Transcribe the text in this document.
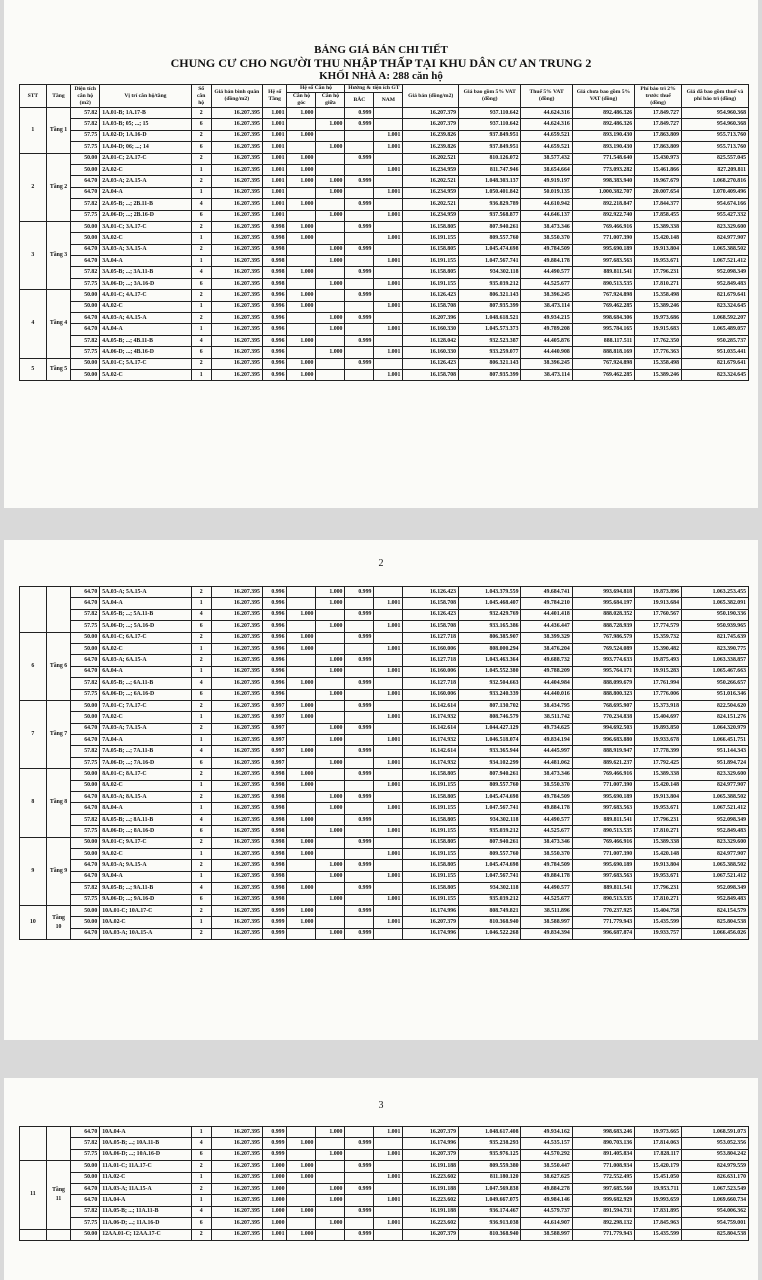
BẢNG GIÁ BÁN CHI TIẾT
CHUNG CƯ CHO NGƯỜI THU NHẬP THẤP TẠI KHU DÂN CƯ AN TRUNG 2
KHỐI NHÀ A: 288 căn hộ
STT	Tầng	Diện tích căn hộ (m2)	Vị trí căn hộ/tầng	Số căn hộ	Giá bán bình quân (đồng/m2)	Hệ số Tầng	Hệ số Căn hộ		Hướng & tiện ích GT		Giá bán (đồng/m2)	Giá bao gồm 5% VAT (đồng)	Thuế 5% VAT (đồng)	Giá chưa bao gồm 5% VAT (đồng)	Phí bảo trì 2% trước thuế (đồng)	Giá đã bao gồm thuế và phí bảo trì (đồng)
							Căn hộ góc	Căn hộ giữa	BẮC	NAM						

1	Tầng 1	57.82	1A.01-B; 1A.17-B	2	16.207.395	1.001	1.000		0.999		16.207.379	937.110.642	44.624.316	892.486.326	17.849.727	954.960.368
		57.82	1A.03-B; 05; ...; 15	6	16.207.395	1.001		1.000	0.999		16.207.379	937.110.642	44.624.316	892.486.326	17.849.727	954.960.368
		57.75	1A.02-D; 1A.16-D	2	16.207.395	1.001	1.000			1.001	16.239.826	937.849.951	44.659.521	893.190.430	17.863.809	955.713.760
		57.75	1A.04-D; 06; ...; 14	6	16.207.395	1.001		1.000		1.001	16.239.826	937.849.951	44.659.521	893.190.430	17.863.809	955.713.760
2	Tầng 2	50.00	2A.01-C; 2A.17-C	2	16.207.395	1.001	1.000		0.999		16.202.521	810.126.072	38.577.432	771.548.640	15.430.973	825.557.045
		50.00	2A.02-C	1	16.207.395	1.001	1.000			1.001	16.234.959	811.747.946	38.654.664	773.093.282	15.461.866	827.209.811
		64.70	2A.03-A; 2A.15-A	2	16.207.395	1.001	1.000	1.000	0.999		16.202.521	1.048.303.137	49.919.197	998.383.940	19.967.679	1.068.270.816
		64.70	2A.04-A	1	16.207.395	1.001		1.000		1.001	16.234.959	1.050.401.842	50.019.135	1.000.382.707	20.007.654	1.070.409.496
		57.82	2A.05-B; ...; 2B.11-B	4	16.207.395	1.001	1.000		0.999		16.202.521	936.829.789	44.610.942	892.218.847	17.844.377	954.674.166
		57.75	2A.06-D; ...; 2B.16-D	6	16.207.395	1.001		1.000		1.001	16.234.959	937.568.877	44.646.137	892.922.740	17.858.455	955.427.332
3	Tầng 3	50.00	3A.01-C; 3A.17-C	2	16.207.395	0.998	1.000		0.999		16.158.805	807.940.261	38.473.346	769.466.916	15.389.338	823.329.600
		50.00	3A.02-C	1	16.207.395	0.998	1.000			1.001	16.191.155	809.557.760	38.550.370	771.007.390	15.420.148	824.977.907
		64.70	3A.03-A; 3A.15-A	2	16.207.395	0.998		1.000	0.999		16.158.805	1.045.474.698	49.784.509	995.690.189	19.913.804	1.065.388.502
		64.70	3A.04-A	1	16.207.395	0.998		1.000		1.001	16.191.155	1.047.567.741	49.884.178	997.683.563	19.953.671	1.067.521.412
		57.82	3A.05-B; ...; 3A.11-B	4	16.207.395	0.998	1.000		0.999		16.158.805	934.302.118	44.490.577	889.811.541	17.796.231	952.098.349
		57.75	3A.06-D; ...; 3A.16-D	6	16.207.395	0.998		1.000		1.001	16.191.155	935.039.212	44.525.677	890.513.535	17.810.271	952.849.483
4	Tầng 4	50.00	4A.01-C; 4A.17-C	2	16.207.395	0.996	1.000		0.999		16.126.423	806.321.143	38.396.245	767.924.898	15.358.498	821.679.641
		50.00	4A.02-C	1	16.207.395	0.996	1.000			1.001	16.158.708	807.935.399	38.473.114	769.462.285	15.389.246	823.324.645
		64.70	4A.03-A; 4A.15-A	2	16.207.395	0.996		1.000	0.999		16.207.396	1.048.618.521	49.934.215	998.684.306	19.973.686	1.068.592.207
		64.70	4A.04-A	1	16.207.395	0.996		1.000		1.001	16.160.330	1.045.573.373	49.789.208	995.784.165	19.915.683	1.065.489.057
		57.82	4A.05-B; ...; 4B.11-B	4	16.207.395	0.996	1.000		0.999		16.128.042	932.523.387	44.405.876	888.117.511	17.762.350	950.285.737
		57.75	4A.06-D; ...; 4B.16-D	6	16.207.395	0.996		1.000		1.001	16.160.330	933.259.077	44.440.908	888.818.169	17.776.363	951.035.441
5	Tầng 5	50.00	5A.01-C; 5A.17-C	2	16.207.395	0.996	1.000		0.999		16.126.423	806.321.143	38.396.245	767.924.898	15.358.498	821.679.641
		50.00	5A.02-C	1	16.207.395	0.996	1.000			1.001	16.158.708	807.935.399	38.473.114	769.462.285	15.389.246	823.324.645
2
		64.70	5A.03-A; 5A.15-A	2	16.207.395	0.996		1.000	0.999		16.126.423	1.043.379.559	49.684.741	993.694.818	19.873.896	1.063.253.455
		64.70	5A.04-A	1	16.207.395	0.996		1.000		1.001	16.158.708	1.045.468.407	49.784.210	995.684.197	19.913.684	1.065.382.091
		57.82	5A.05-B; ...; 5A.11-B	4	16.207.395	0.996	1.000		0.999		16.126.423	932.429.769	44.401.418	888.028.352	17.760.567	950.190.336
		57.75	5A.06-D; ...; 5A.16-D	6	16.207.395	0.996		1.000		1.001	16.158.708	933.165.386	44.436.447	888.728.939	17.774.579	950.939.965
6	Tầng 6	50.00	6A.01-C; 6A.17-C	2	16.207.395	0.996	1.000		0.999		16.127.718	806.385.907	38.399.329	767.986.579	15.359.732	821.745.639
		50.00	6A.02-C	1	16.207.395	0.996	1.000			1.001	16.160.006	808.000.294	38.476.204	769.524.089	15.390.482	823.390.775
		64.70	6A.03-A; 6A.15-A	2	16.207.395	0.996		1.000	0.999		16.127.718	1.043.463.364	49.688.732	993.774.633	19.875.493	1.063.338.857
		64.70	6A.04-A	1	16.207.395	0.996		1.000		1.001	16.160.006	1.045.552.380	49.788.209	995.764.171	19.915.283	1.065.467.663
		57.82	6A.05-B; ...; 6A.11-B	4	16.207.395	0.996	1.000		0.999		16.127.718	932.504.663	44.404.984	888.099.679	17.761.994	950.266.657
		57.75	6A.06-D; ...; 6A.16-D	6	16.207.395	0.996		1.000		1.001	16.160.006	933.240.339	44.440.016	888.800.323	17.776.006	951.016.346
7	Tầng 7	50.00	7A.01-C; 7A.17-C	2	16.207.395	0.997	1.000		0.999		16.142.614	807.130.702	38.434.795	768.695.907	15.373.918	822.504.620
		50.00	7A.02-C	1	16.207.395	0.997	1.000			1.001	16.174.932	808.746.579	38.511.742	770.234.838	15.404.697	824.151.276
		64.70	7A.03-A; 7A.15-A	2	16.207.395	0.997		1.000	0.999		16.142.614	1.044.427.129	49.734.625	994.692.503	19.893.850	1.064.320.979
		64.70	7A.04-A	1	16.207.395	0.997		1.000		1.001	16.174.932	1.046.518.074	49.834.194	996.683.880	19.933.678	1.066.451.751
		57.82	7A.05-B; ...; 7A.11-B	4	16.207.395	0.997	1.000		0.999		16.142.614	933.365.944	44.445.997	888.919.947	17.778.399	951.144.343
		57.75	7A.06-D; ...; 7A.16-D	6	16.207.395	0.997		1.000		1.001	16.174.932	934.102.299	44.481.062	889.621.237	17.792.425	951.894.724
8	Tầng 8	50.00	8A.01-C; 8A.17-C	2	16.207.395	0.998	1.000		0.999		16.158.805	807.940.261	38.473.346	769.466.916	15.389.338	823.329.600
		50.00	8A.02-C	1	16.207.395	0.998	1.000			1.001	16.191.155	809.557.760	38.550.370	771.007.390	15.420.148	824.977.907
		64.70	8A.03-A; 8A.15-A	2	16.207.395	0.998		1.000	0.999		16.158.805	1.045.474.698	49.784.509	995.690.189	19.913.804	1.065.388.502
		64.70	8A.04-A	1	16.207.395	0.998		1.000		1.001	16.191.155	1.047.567.741	49.884.178	997.683.563	19.953.671	1.067.521.412
		57.82	8A.05-B; ...; 8A.11-B	4	16.207.395	0.998	1.000		0.999		16.158.805	934.302.118	44.490.577	889.811.541	17.796.231	952.098.349
		57.75	8A.06-D; ...; 8A.16-D	6	16.207.395	0.998		1.000		1.001	16.191.155	935.039.212	44.525.677	890.513.535	17.810.271	952.849.483
9	Tầng 9	50.00	9A.01-C; 9A.17-C	2	16.207.395	0.998	1.000		0.999		16.158.805	807.940.261	38.473.346	769.466.916	15.389.338	823.329.600
		50.00	9A.02-C	1	16.207.395	0.998	1.000			1.001	16.191.155	809.557.760	38.550.370	771.007.390	15.420.148	824.977.907
		64.70	9A.03-A; 9A.15-A	2	16.207.395	0.998		1.000	0.999		16.158.805	1.045.474.698	49.784.509	995.690.189	19.913.804	1.065.388.502
		64.70	9A.04-A	1	16.207.395	0.998		1.000		1.001	16.191.155	1.047.567.741	49.884.178	997.683.563	19.953.671	1.067.521.412
		57.82	9A.05-B; ...; 9A.11-B	4	16.207.395	0.998	1.000		0.999		16.158.805	934.302.118	44.490.577	889.811.541	17.796.231	952.098.349
		57.75	9A.06-D; ...; 9A.16-D	6	16.207.395	0.998		1.000		1.001	16.191.155	935.039.212	44.525.677	890.513.535	17.810.271	952.849.483
10	Tầng 10	50.00	10A.01-C; 10A.17-C	2	16.207.395	0.999	1.000		0.999		16.174.996	808.749.821	38.511.896	770.237.925	15.404.758	824.154.579
		50.00	10A.02-C	1	16.207.395	0.999	1.000			1.001	16.207.379	810.368.940	38.588.997	771.779.943	15.435.599	825.804.538
		64.70	10A.03-A; 10A.15-A	2	16.207.395	0.999		1.000	0.999		16.174.996	1.046.522.268	49.834.394	996.687.874	19.933.757	1.066.456.026
3
		64.70	10A.04-A	1	16.207.395	0.999		1.000		1.001	16.207.379	1.048.617.408	49.934.162	998.683.246	19.973.665	1.068.591.073
		57.82	10A.05-B; ...; 10A.11-B	4	16.207.395	0.999	1.000		0.999		16.174.996	935.238.293	44.535.157	890.703.136	17.814.063	953.052.356
		57.75	10A.06-D; ...; 10A.16-D	6	16.207.395	0.999		1.000		1.001	16.207.379	935.976.125	44.570.292	891.405.834	17.828.117	953.804.242
11	Tầng 11	50.00	11A.01-C; 11A.17-C	2	16.207.395	1.000	1.000		0.999		16.191.188	809.559.380	38.550.447	771.008.934	15.420.179	824.979.559
		50.00	11A.02-C	1	16.207.395	1.000	1.000			1.001	16.223.602	811.180.120	38.627.625	772.552.495	15.451.050	826.631.170
		64.70	11A.03-A; 11A.15-A	2	16.207.395	1.000		1.000	0.999		16.191.188	1.047.569.838	49.884.278	997.685.560	19.953.711	1.067.523.549
		64.70	11A.04-A	1	16.207.395	1.000		1.000		1.001	16.223.602	1.049.667.075	49.984.146	999.682.929	19.993.659	1.069.660.734
		57.82	11A.05-B; ...; 11A.11-B	4	16.207.395	1.000	1.000		0.999		16.191.188	936.174.467	44.579.737	891.594.731	17.831.895	954.006.362
		57.75	11A.06-D; ...; 11A.16-D	6	16.207.395	1.000		1.000		1.001	16.223.602	936.913.038	44.614.907	892.298.132	17.845.963	954.759.001
		50.00	12AA.01-C; 12AA.17-C	2	16.207.395	1.001	1.000		0.999		16.207.379	810.368.940	38.588.997	771.779.943	15.435.599	825.804.538
